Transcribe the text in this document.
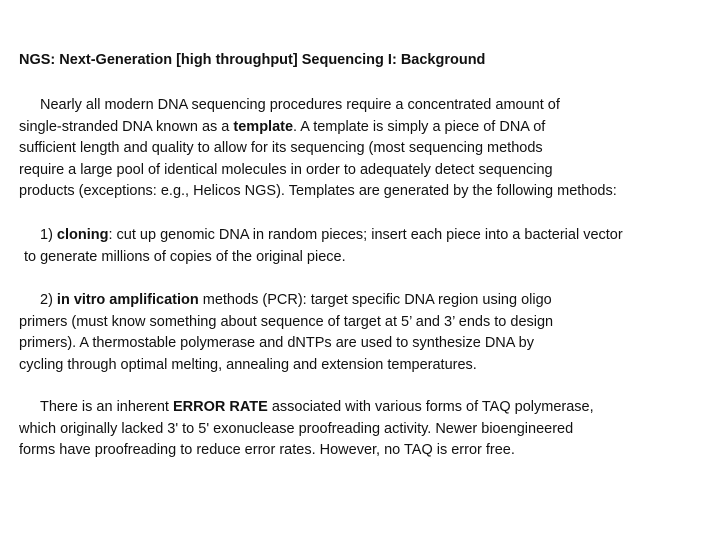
NGS: Next-Generation [high throughput] Sequencing I: Background

Nearly all modern DNA sequencing procedures require a concentrated amount of
single-stranded DNA known as a template. A template is simply a piece of DNA of
sufficient length and quality to allow for its sequencing (most sequencing methods
require a large pool of identical molecules in order to adequately detect sequencing
products (exceptions: e.g., Helicos NGS). Templates are generated by the following methods:

1) cloning: cut up genomic DNA in random pieces; insert each piece into a bacterial vector
to generate millions of copies of the original piece.

2) in vitro amplification methods (PCR): target specific DNA region using oligo
primers (must know something about sequence of target at 5’ and 3’ ends to design
primers). A thermostable polymerase and dNTPs are used to synthesize DNA by
cycling through optimal melting, annealing and extension temperatures.

There is an inherent ERROR RATE associated with various forms of TAQ polymerase,
which originally lacked 3' to 5' exonuclease proofreading activity. Newer bioengineered
forms have proofreading to reduce error rates. However, no TAQ is error free.
